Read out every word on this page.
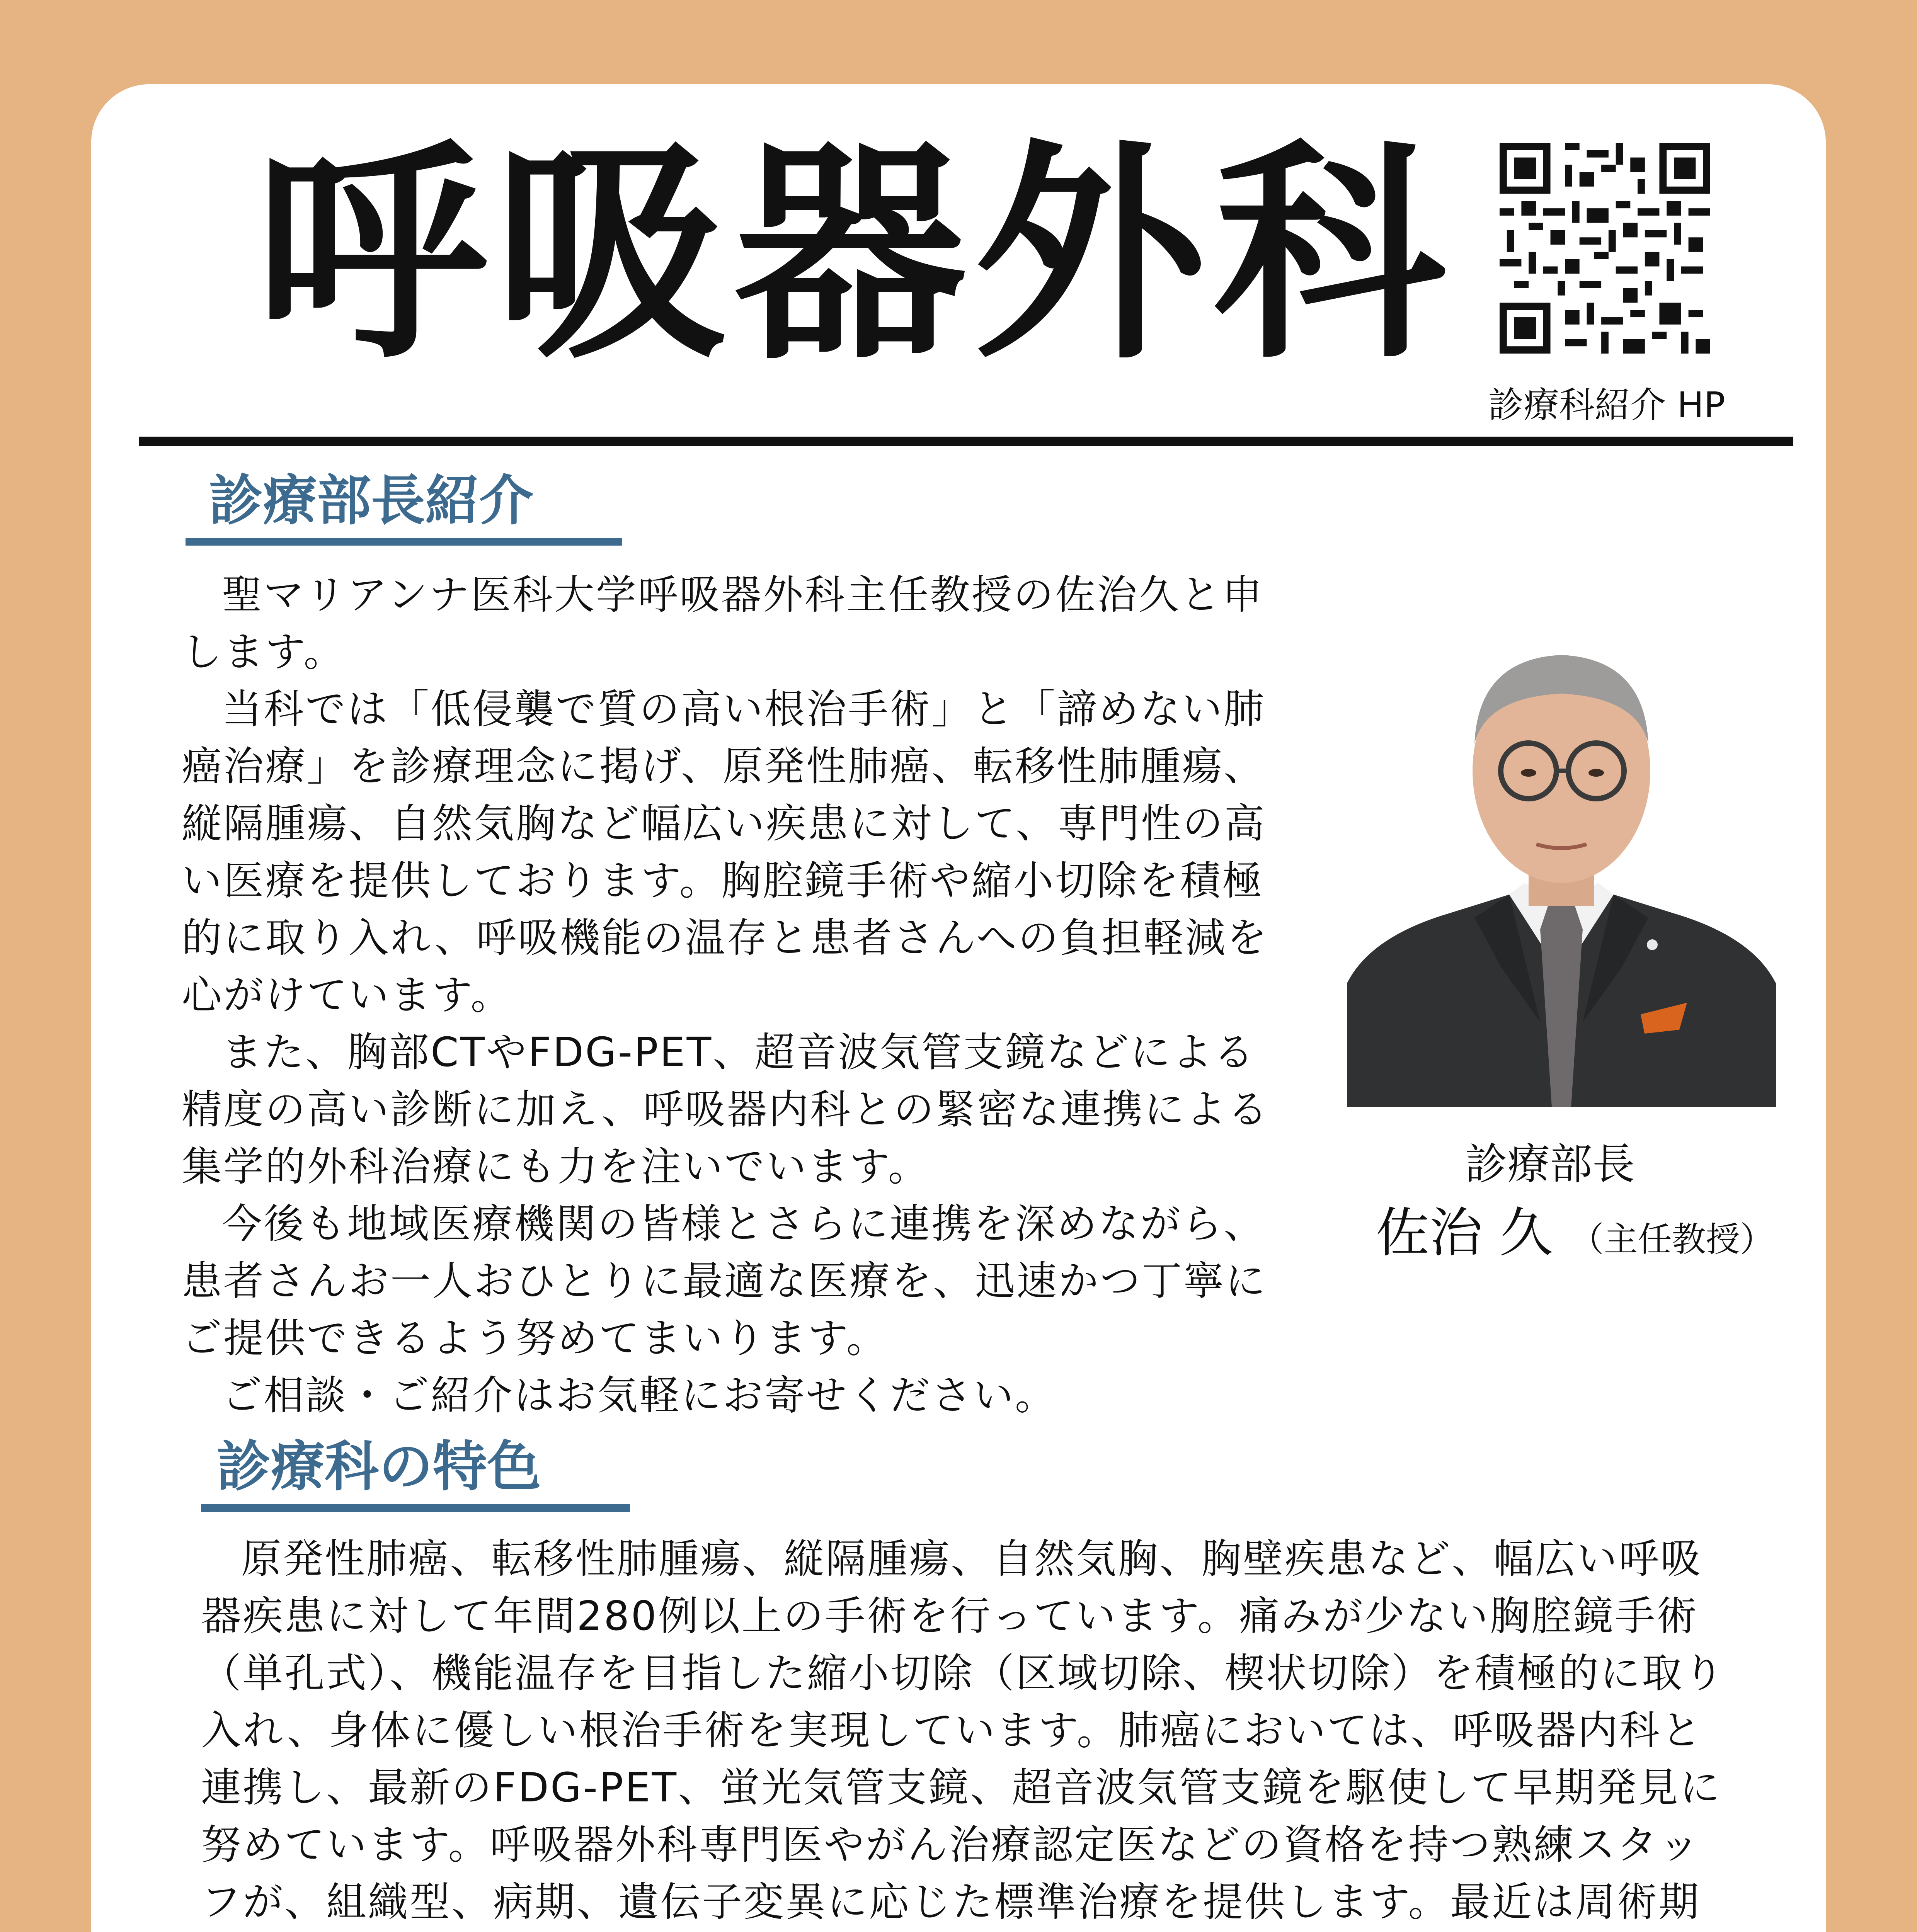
呼吸器外科
診療科紹介 HP
診療部長紹介

聖マリアンナ医科大学呼吸器外科主任教授の佐治久と申します。

当科では「低侵襲で質の高い根治手術」と「諦めない肺癌治療」を診療理念に掲げ、原発性肺癌、転移性肺腫瘍、縦隔腫瘍、自然気胸など幅広い疾患に対して、専門性の高い医療を提供しております。胸腔鏡手術や縮小切除を積極的に取り入れ、呼吸機能の温存と患者さんへの負担軽減を心がけています。

また、胸部CTやFDG-PET、超音波気管支鏡などによる精度の高い診断に加え、呼吸器内科との緊密な連携による集学的外科治療にも力を注いでいます。

今後も地域医療機関の皆様とさらに連携を深めながら、患者さんお一人おひとりに最適な医療を、迅速かつ丁寧にご提供できるよう努めてまいります。

ご相談・ご紹介はお気軽にお寄せください。

診療部長
佐治 久 （主任教授）
診療科の特色

原発性肺癌、転移性肺腫瘍、縦隔腫瘍、自然気胸、胸壁疾患など、幅広い呼吸器疾患に対して年間280例以上の手術を行っています。痛みが少ない胸腔鏡手術（単孔式）、機能温存を目指した縮小切除（区域切除、楔状切除）を積極的に取り入れ、身体に優しい根治手術を実現しています。肺癌においては、呼吸器内科と連携し、最新のFDG-PET、蛍光気管支鏡、超音波気管支鏡を駆使して早期発見に努めています。呼吸器外科専門医やがん治療認定医などの資格を持つ熟練スタッフが、組織型、病期、遺伝子変異に応じた標準治療を提供します。最近は周術期
